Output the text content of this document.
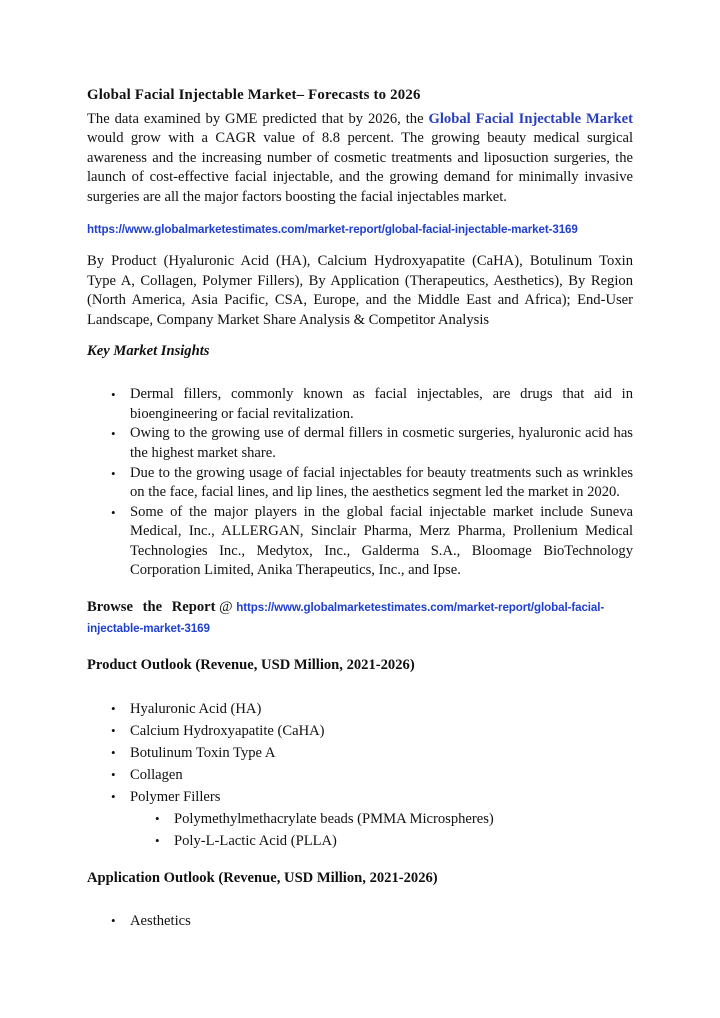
Global Facial Injectable Market– Forecasts to 2026

The data examined by GME predicted that by 2026, the Global Facial Injectable Market would grow with a CAGR value of 8.8 percent. The growing beauty medical surgical awareness and the increasing number of cosmetic treatments and liposuction surgeries, the launch of cost-effective facial injectable, and the growing demand for minimally invasive surgeries are all the major factors boosting the facial injectables market.

https://www.globalmarketestimates.com/market-report/global-facial-injectable-market-3169

By Product (Hyaluronic Acid (HA), Calcium Hydroxyapatite (CaHA), Botulinum Toxin Type A, Collagen, Polymer Fillers), By Application (Therapeutics, Aesthetics), By Region (North America, Asia Pacific, CSA, Europe, and the Middle East and Africa); End-User Landscape, Company Market Share Analysis & Competitor Analysis

Key Market Insights
• Dermal fillers, commonly known as facial injectables, are drugs that aid in bioengineering or facial revitalization.
• Owing to the growing use of dermal fillers in cosmetic surgeries, hyaluronic acid has the highest market share.
• Due to the growing usage of facial injectables for beauty treatments such as wrinkles on the face, facial lines, and lip lines, the aesthetics segment led the market in 2020.
• Some of the major players in the global facial injectable market include Suneva Medical, Inc., ALLERGAN, Sinclair Pharma, Merz Pharma, Prollenium Medical Technologies Inc., Medytox, Inc., Galderma S.A., Bloomage BioTechnology Corporation Limited, Anika Therapeutics, Inc., and Ipse.
Browse the Report @ https://www.globalmarketestimates.com/market-report/global-facial-
injectable-market-3169
Product Outlook (Revenue, USD Million, 2021-2026)
• Hyaluronic Acid (HA)
• Calcium Hydroxyapatite (CaHA)
• Botulinum Toxin Type A
• Collagen
• Polymer Fillers
• Polymethylmethacrylate beads (PMMA Microspheres)
• Poly-L-Lactic Acid (PLLA)
Application Outlook (Revenue, USD Million, 2021-2026)
• Aesthetics
